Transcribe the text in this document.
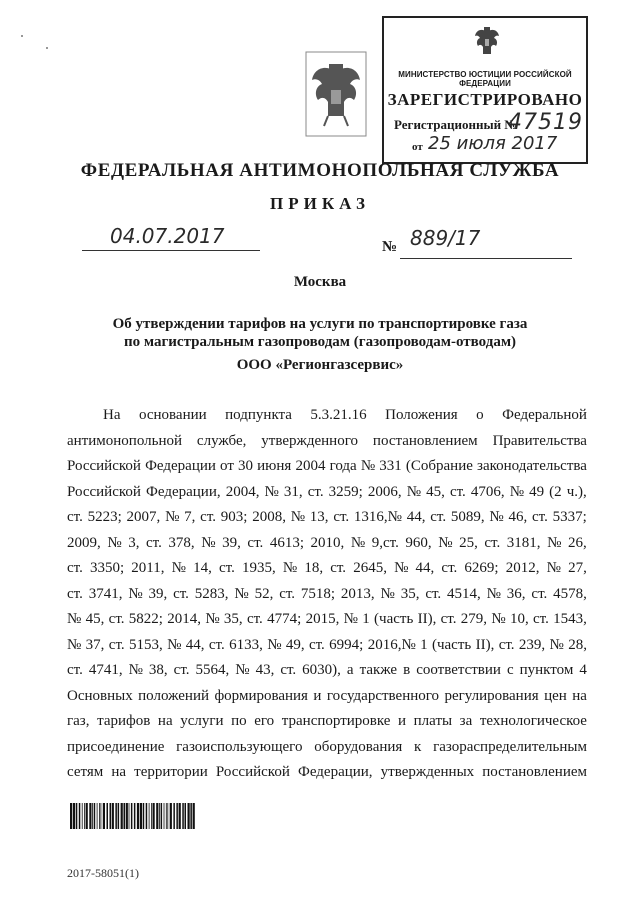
МИНИСТЕРСТВО ЮСТИЦИИ РОССИЙСКОЙ ФЕДЕРАЦИИ
ЗАРЕГИСТРИРОВАНО
Регистрационный №
47519
от 25 июля 2017
ФЕДЕРАЛЬНАЯ АНТИМОНОПОЛЬНАЯ СЛУЖБА
ПРИКАЗ
04.07.2017	№ 889/17
Москва
Об утверждении тарифов на услуги по транспортировке газа
по магистральным газопроводам (газопроводам-отводам)
ООО «Регионгазсервис»
На основании подпункта 5.3.21.16 Положения о Федеральной
антимонопольной службе, утвержденного постановлением Правительства
Российской Федерации от 30 июня 2004 года № 331 (Собрание законодательства
Российской Федерации, 2004, № 31, ст. 3259; 2006, № 45, ст. 4706, № 49 (2 ч.),
ст. 5223; 2007, № 7, ст. 903; 2008, № 13, ст. 1316,№ 44, ст. 5089, № 46, ст. 5337;
2009, № 3, ст. 378, № 39, ст. 4613; 2010, № 9,ст. 960, № 25, ст. 3181, № 26,
ст. 3350; 2011, № 14, ст. 1935, № 18, ст. 2645, № 44, ст. 6269; 2012, № 27,
ст. 3741, № 39, ст. 5283, № 52, ст. 7518; 2013, № 35, ст. 4514, № 36, ст. 4578,
№ 45, ст. 5822; 2014, № 35, ст. 4774; 2015, № 1 (часть II), ст. 279, № 10, ст. 1543,
№ 37, ст. 5153, № 44, ст. 6133, № 49, ст. 6994; 2016,№ 1 (часть II), ст. 239, № 28,
ст. 4741, № 38, ст. 5564, № 43, ст. 6030), а также в соответствии с пунктом 4
Основных положений формирования и государственного регулирования цен на
газ, тарифов на услуги по его транспортировке и платы за технологическое
присоединение газоиспользующего оборудования к газораспределительным
сетям на территории Российской Федерации, утвержденных постановлением
2017-58051(1)
